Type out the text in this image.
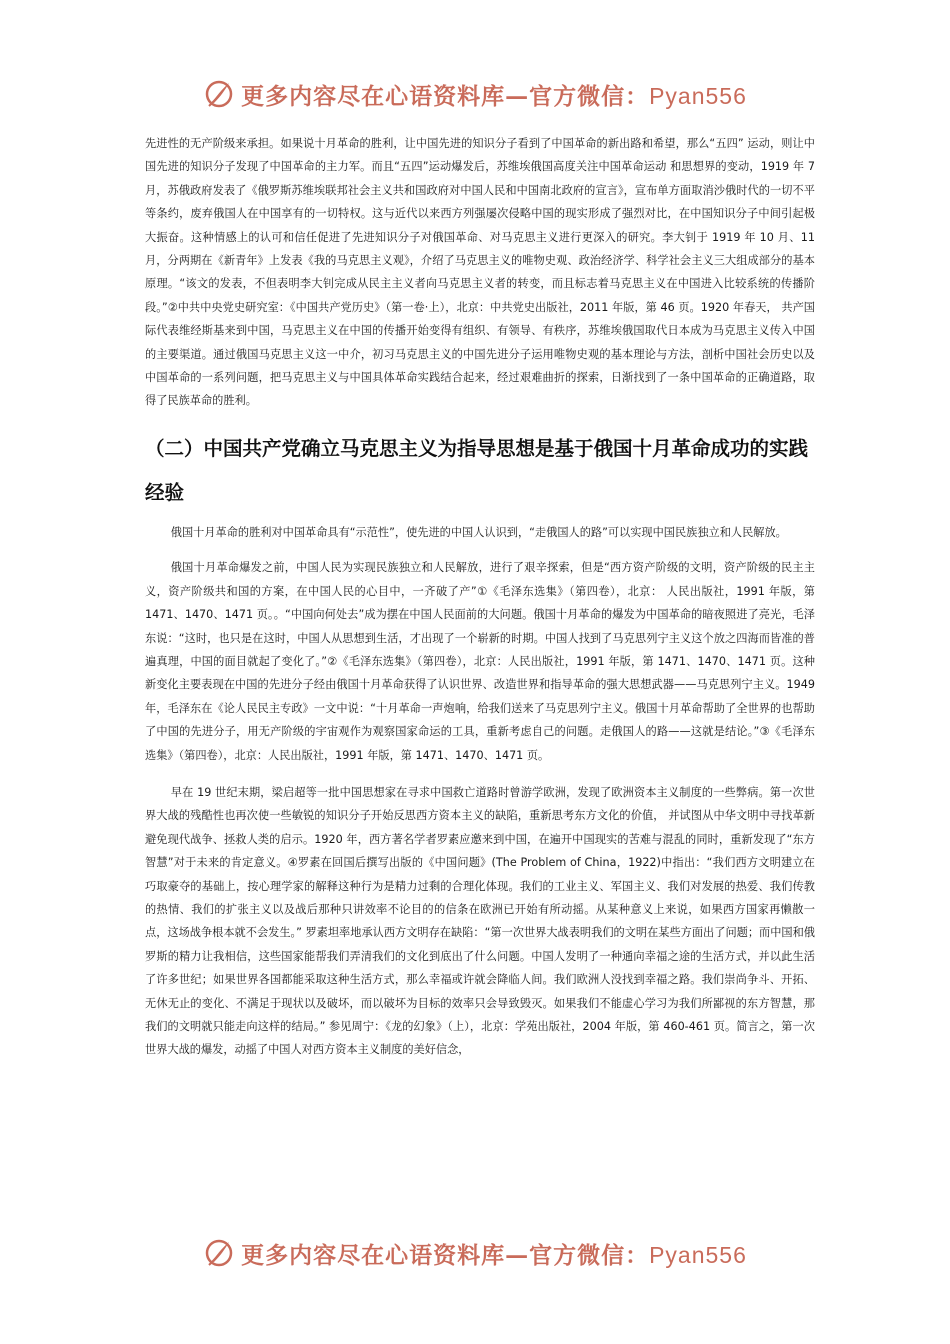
更多内容尽在心语资料库—官方微信：Pyan556

先进性的无产阶级来承担。如果说十月革命的胜利，让中国先进的知识分子看到了中国革命的新出路和希望，那么“五四” 运动，则让中国先进的知识分子发现了中国革命的主力军。而且“五四”运动爆发后，苏维埃俄国高度关注中国革命运动 和思想界的变动，1919 年 7 月，苏俄政府发表了《俄罗斯苏维埃联邦社会主义共和国政府对中国人民和中国南北政府的宣言》，宣布单方面取消沙俄时代的一切不平等条约，废弃俄国人在中国享有的一切特权。这与近代以来西方列强屡次侵略中国的现实形成了强烈对比，在中国知识分子中间引起极大振奋。这种情感上的认可和信任促进了先进知识分子对俄国革命、对马克思主义进行更深入的研究。李大钊于 1919 年 10 月、11 月，分两期在《新青年》上发表《我的马克思主义观》，介绍了马克思主义的唯物史观、政治经济学、科学社会主义三大组成部分的基本原理。“该文的发表，不但表明李大钊完成从民主主义者向马克思主义者的转变，而且标志着马克思主义在中国进入比较系统的传播阶段。”②中共中央党史研究室：《中国共产党历史》（第一卷·上），北京：中共党史出版社，2011 年版，第 46 页。1920 年春天， 共产国际代表维经斯基来到中国，马克思主义在中国的传播开始变得有组织、有领导、有秩序，苏维埃俄国取代日本成为马克思主义传入中国的主要渠道。通过俄国马克思主义这一中介，初习马克思主义的中国先进分子运用唯物史观的基本理论与方法，剖析中国社会历史以及中国革命的一系列问题，把马克思主义与中国具体革命实践结合起来，经过艰难曲折的探索，日渐找到了一条中国革命的正确道路，取得了民族革命的胜利。

（二）中国共产党确立马克思主义为指导思想是基于俄国十月革命成功的实践经验

俄国十月革命的胜利对中国革命具有“示范性”，使先进的中国人认识到，“走俄国人的路”可以实现中国民族独立和人民解放。

俄国十月革命爆发之前，中国人民为实现民族独立和人民解放，进行了艰辛探索，但是“西方资产阶级的文明，资产阶级的民主主义，资产阶级共和国的方案，在中国人民的心目中，一齐破了产”①《毛泽东选集》（第四卷），北京： 人民出版社，1991 年版，第 1471、1470、1471 页。。“中国向何处去”成为摆在中国人民面前的大问题。俄国十月革命的爆发为中国革命的暗夜照进了亮光，毛泽东说：“这时，也只是在这时，中国人从思想到生活，才出现了一个崭新的时期。中国人找到了马克思列宁主义这个放之四海而皆准的普遍真理，中国的面目就起了变化了。”②《毛泽东选集》（第四卷），北京：人民出版社，1991 年版，第 1471、1470、1471 页。这种新变化主要表现在中国的先进分子经由俄国十月革命获得了认识世界、改造世界和指导革命的强大思想武器——马克思列宁主义。1949 年，毛泽东在《论人民民主专政》一文中说：“十月革命一声炮响，给我们送来了马克思列宁主义。俄国十月革命帮助了全世界的也帮助了中国的先进分子，用无产阶级的宇宙观作为观察国家命运的工具，重新考虑自己的问题。走俄国人的路——这就是结论。”③《毛泽东选集》（第四卷），北京：人民出版社，1991 年版，第 1471、1470、1471 页。

早在 19 世纪末期，梁启超等一批中国思想家在寻求中国救亡道路时曾游学欧洲，发现了欧洲资本主义制度的一些弊病。第一次世界大战的残酷性也再次使一些敏锐的知识分子开始反思西方资本主义的缺陷，重新思考东方文化的价值， 并试图从中华文明中寻找革新避免现代战争、拯救人类的启示。1920 年，西方著名学者罗素应邀来到中国，在遍开中国现实的苦难与混乱的同时，重新发现了“东方智慧”对于未来的肯定意义。④罗素在回国后撰写出版的《中国问题》(The Problem of China，1922)中指出：“我们西方文明建立在巧取豪夺的基础上，按心理学家的解释这种行为是精力过剩的合理化体现。我们的工业主义、军国主义、我们对发展的热爱、我们传教的热情、我们的扩张主义以及战后那种只讲效率不论目的的信条在欧洲已开始有所动摇。从某种意义上来说，如果西方国家再懒散一点，这场战争根本就不会发生。” 罗素坦率地承认西方文明存在缺陷：“第一次世界大战表明我们的文明在某些方面出了问题；而中国和俄罗斯的精力让我相信，这些国家能帮我们弄清我们的文化到底出了什么问题。中国人发明了一种通向幸福之途的生活方式，并以此生活了许多世纪；如果世界各国都能采取这种生活方式，那么幸福或许就会降临人间。我们欧洲人没找到幸福之路。我们崇尚争斗、开拓、无休无止的变化、不满足于现状以及破坏，而以破坏为目标的效率只会导致毁灭。如果我们不能虚心学习为我们所鄙视的东方智慧，那我们的文明就只能走向这样的结局。” 参见周宁：《龙的幻象》（上），北京：学苑出版社，2004 年版，第 460-461 页。简言之，第一次世界大战的爆发，动摇了中国人对西方资本主义制度的美好信念，

更多内容尽在心语资料库—官方微信：Pyan556
